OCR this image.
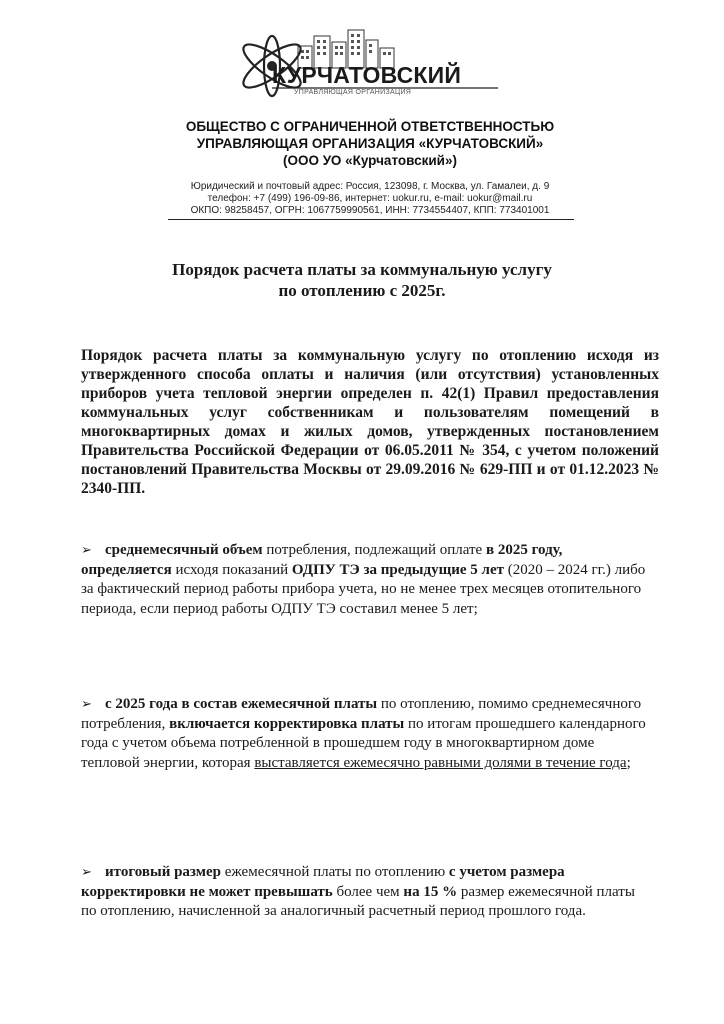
КУРЧАТОВСКИЙ
УПРАВЛЯЮЩАЯ ОРГАНИЗАЦИЯ
ОБЩЕСТВО С ОГРАНИЧЕННОЙ ОТВЕТСТВЕННОСТЬЮ
УПРАВЛЯЮЩАЯ ОРГАНИЗАЦИЯ «КУРЧАТОВСКИЙ»
(ООО УО «Курчатовский»)
Юридический и почтовый адрес: Россия, 123098, г. Москва, ул. Гамалеи, д. 9
телефон: +7 (499) 196-09-86, интернет: uokur.ru, e-mail: uokur@mail.ru
ОКПО: 98258457, ОГРН: 1067759990561, ИНН: 7734554407, КПП: 773401001
Порядок расчета платы за коммунальную услугу
по отоплению с 2025г.

Порядок расчета платы за коммунальную услугу по отоплению исходя из утвержденного способа оплаты и наличия (или отсутствия) установленных приборов учета тепловой энергии определен п. 42(1) Правил предоставления коммунальных услуг собственникам и пользователям помещений в многоквартирных домах и жилых домов, утвержденных постановлением Правительства Российской Федерации от 06.05.2011 № 354, с учетом положений постановлений Правительства Москвы от 29.09.2016 № 629-ПП и от 01.12.2023 № 2340-ПП.

➢ среднемесячный объем потребления, подлежащий оплате в 2025 году, определяется исходя показаний ОДПУ ТЭ за предыдущие 5 лет (2020 – 2024 гг.) либо за фактический период работы прибора учета, но не менее трех месяцев отопительного периода, если период работы ОДПУ ТЭ составил менее 5 лет;

➢ с 2025 года в состав ежемесячной платы по отоплению, помимо среднемесячного потребления, включается корректировка платы по итогам прошедшего календарного года с учетом объема потребленной в прошедшем году в многоквартирном доме тепловой энергии, которая выставляется ежемесячно равными долями в течение года;

➢ итоговый размер ежемесячной платы по отоплению с учетом размера корректировки не может превышать более чем на 15 % размер ежемесячной платы по отоплению, начисленной за аналогичный расчетный период прошлого года.
